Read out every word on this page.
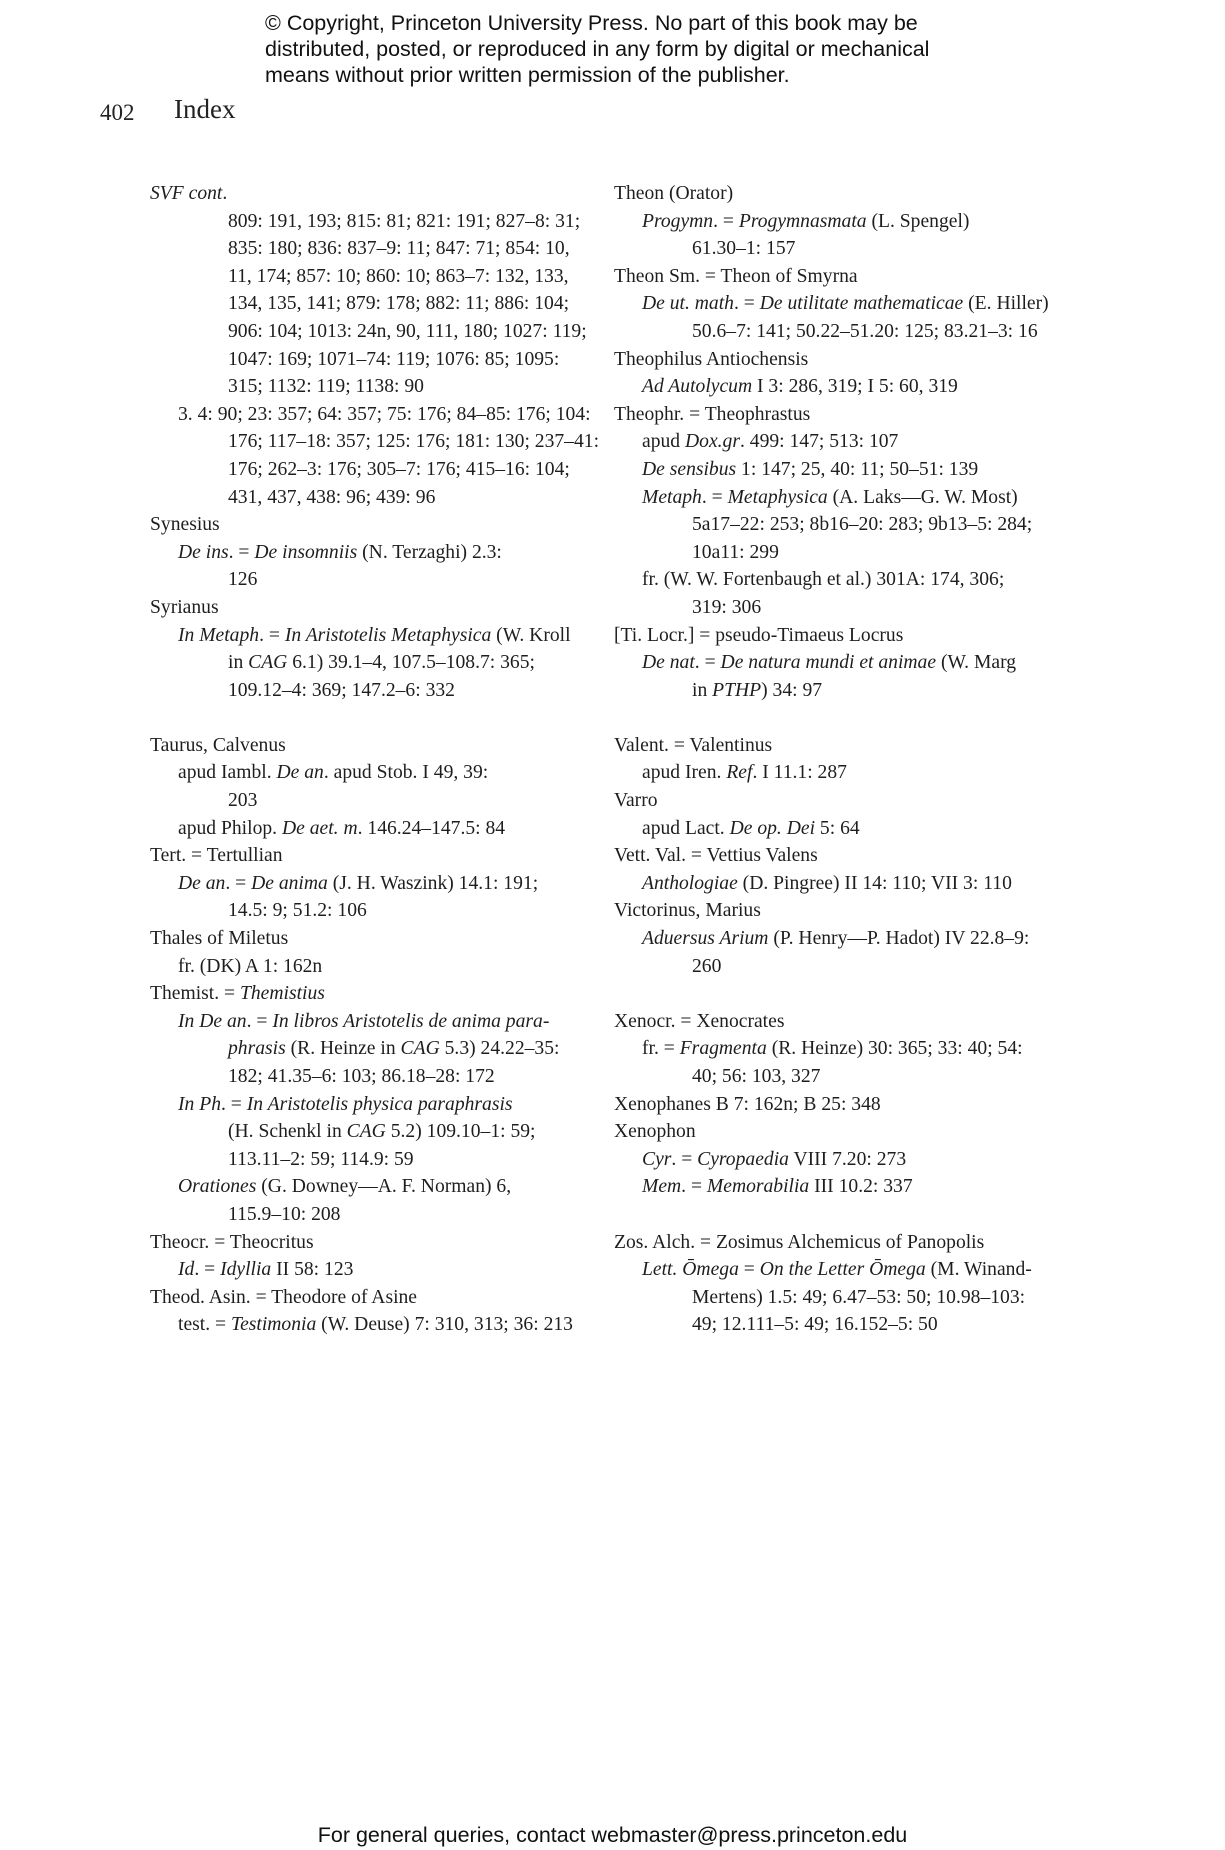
© Copyright, Princeton University Press. No part of this book may be
distributed, posted, or reproduced in any form by digital or mechanical
means without prior written permission of the publisher.
402 Index
SVF cont.
809: 191, 193; 815: 81; 821: 191; 827–8: 31;
835: 180; 836: 837–9: 11; 847: 71; 854: 10,
11, 174; 857: 10; 860: 10; 863–7: 132, 133,
134, 135, 141; 879: 178; 882: 11; 886: 104;
906: 104; 1013: 24n, 90, 111, 180; 1027: 119;
1047: 169; 1071–74: 119; 1076: 85; 1095:
315; 1132: 119; 1138: 90
3. 4: 90; 23: 357; 64: 357; 75: 176; 84–85: 176; 104:
176; 117–18: 357; 125: 176; 181: 130; 237–41:
176; 262–3: 176; 305–7: 176; 415–16: 104;
431, 437, 438: 96; 439: 96
Synesius
De ins. = De insomniis (N. Terzaghi) 2.3:
126
Syrianus
In Metaph. = In Aristotelis Metaphysica (W. Kroll
in CAG 6.1) 39.1–4, 107.5–108.7: 365;
109.12–4: 369; 147.2–6: 332
Taurus, Calvenus
apud Iambl. De an. apud Stob. I 49, 39:
203
apud Philop. De aet. m. 146.24–147.5: 84
Tert. = Tertullian
De an. = De anima (J. H. Waszink) 14.1: 191;
14.5: 9; 51.2: 106
Thales of Miletus
fr. (DK) A 1: 162n
Themist. = Themistius
In De an. = In libros Aristotelis de anima para-
phrasis (R. Heinze in CAG 5.3) 24.22–35:
182; 41.35–6: 103; 86.18–28: 172
In Ph. = In Aristotelis physica paraphrasis
(H. Schenkl in CAG 5.2) 109.10–1: 59;
113.11–2: 59; 114.9: 59
Orationes (G. Downey—A. F. Norman) 6,
115.9–10: 208
Theocr. = Theocritus
Id. = Idyllia II 58: 123
Theod. Asin. = Theodore of Asine
test. = Testimonia (W. Deuse) 7: 310, 313; 36: 213
Theon (Orator)
Progymn. = Progymnasmata (L. Spengel)
61.30–1: 157
Theon Sm. = Theon of Smyrna
De ut. math. = De utilitate mathematicae (E. Hiller)
50.6–7: 141; 50.22–51.20: 125; 83.21–3: 16
Theophilus Antiochensis
Ad Autolycum I 3: 286, 319; I 5: 60, 319
Theophr. = Theophrastus
apud Dox.gr. 499: 147; 513: 107
De sensibus 1: 147; 25, 40: 11; 50–51: 139
Metaph. = Metaphysica (A. Laks—G. W. Most)
5a17–22: 253; 8b16–20: 283; 9b13–5: 284;
10a11: 299
fr. (W. W. Fortenbaugh et al.) 301A: 174, 306;
319: 306
[Ti. Locr.] = pseudo-Timaeus Locrus
De nat. = De natura mundi et animae (W. Marg
in PTHP) 34: 97
Valent. = Valentinus
apud Iren. Ref. I 11.1: 287
Varro
apud Lact. De op. Dei 5: 64
Vett. Val. = Vettius Valens
Anthologiae (D. Pingree) II 14: 110; VII 3: 110
Victorinus, Marius
Aduersus Arium (P. Henry—P. Hadot) IV 22.8–9:
260
Xenocr. = Xenocrates
fr. = Fragmenta (R. Heinze) 30: 365; 33: 40; 54:
40; 56: 103, 327
Xenophanes B 7: 162n; B 25: 348
Xenophon
Cyr. = Cyropaedia VIII 7.20: 273
Mem. = Memorabilia III 10.2: 337
Zos. Alch. = Zosimus Alchemicus of Panopolis
Lett. Ōmega = On the Letter Ōmega (M. Winand-
Mertens) 1.5: 49; 6.47–53: 50; 10.98–103:
49; 12.111–5: 49; 16.152–5: 50
For general queries, contact webmaster@press.princeton.edu
